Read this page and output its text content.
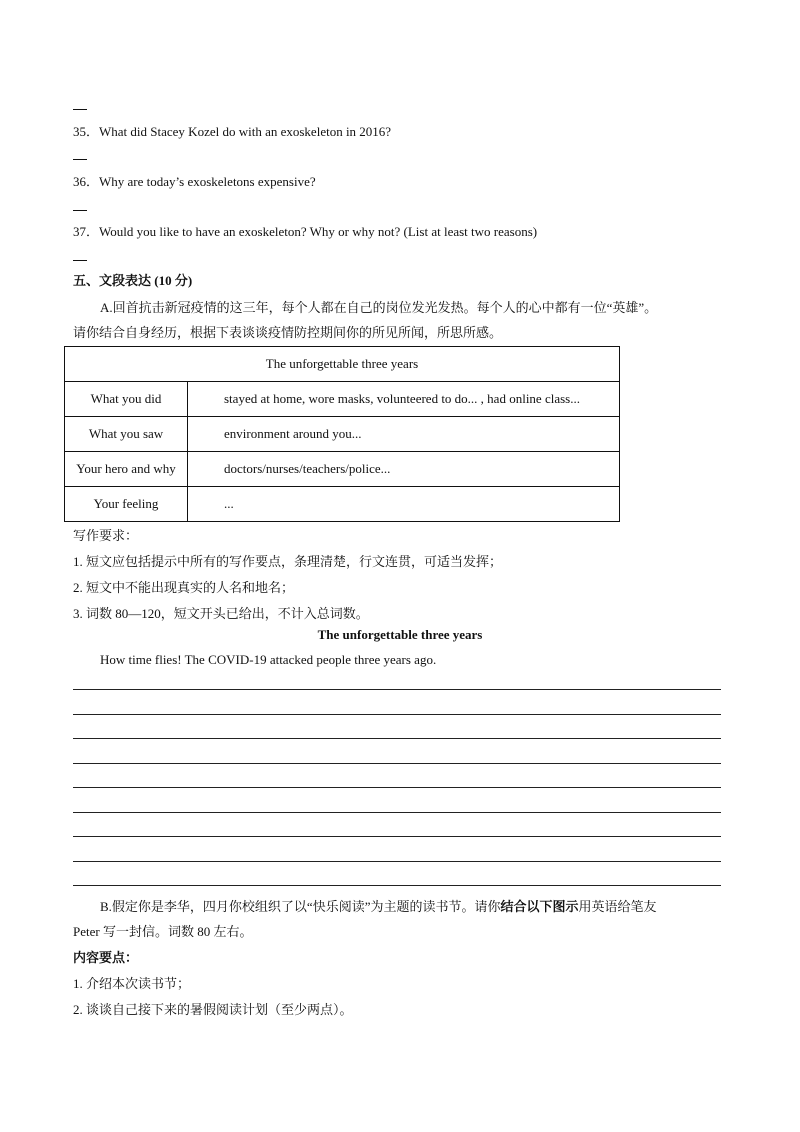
35．What did Stacey Kozel do with an exoskeleton in 2016?
36．Why are today’s exoskeletons expensive?
37．Would you like to have an exoskeleton? Why or why not? (List at least two reasons)
五、文段表达 (10 分)
A.回首抗击新冠疫情的这三年，每个人都在自己的岗位发光发热。每个人的心中都有一位“英雄”。
请你结合自身经历，根据下表谈谈疫情防控期间你的所见所闻，所思所感。
The unforgettable three years	
What you did	stayed at home, wore masks, volunteered to do... , had online class...
What you saw	environment around you...
Your hero and why	doctors/nurses/teachers/police...
Your feeling	...
写作要求：
1. 短文应包括提示中所有的写作要点，条理清楚，行文连贯，可适当发挥；
2. 短文中不能出现真实的人名和地名；
3. 词数 80—120，短文开头已给出，不计入总词数。
The unforgettable three years
How time flies! The COVID-19 attacked people three years ago.
B.假定你是李华，四月你校组织了以“快乐阅读”为主题的读书节。请你结合以下图示用英语给笔友
Peter 写一封信。词数 80 左右。
内容要点：
1. 介绍本次读书节；
2. 谈谈自己接下来的暑假阅读计划（至少两点）。
